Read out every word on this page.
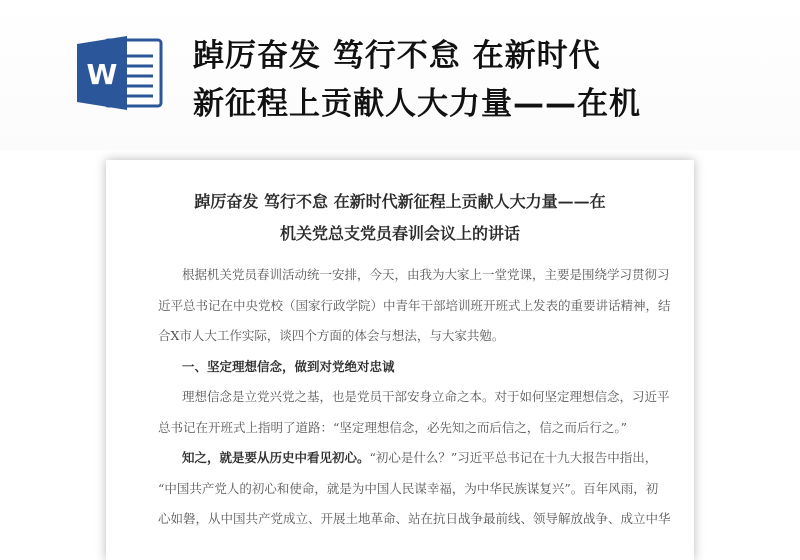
W
踔厉奋发 笃行不怠 在新时代
新征程上贡献人大力量——在机
踔厉奋发 笃行不怠 在新时代新征程上贡献人大力量——在
机关党总支党员春训会议上的讲话
根据机关党员春训活动统一安排，今天，由我为大家上一堂党课，主要是围绕学习贯彻习
近平总书记在中央党校（国家行政学院）中青年干部培训班开班式上发表的重要讲话精神，结
合X市人大工作实际，谈四个方面的体会与想法，与大家共勉。
一、坚定理想信念，做到对党绝对忠诚
理想信念是立党兴党之基，也是党员干部安身立命之本。对于如何坚定理想信念，习近平
总书记在开班式上指明了道路：“坚定理想信念，必先知之而后信之，信之而后行之。”
知之，就是要从历史中看见初心。“初心是什么？”习近平总书记在十九大报告中指出，
“中国共产党人的初心和使命，就是为中国人民谋幸福，为中华民族谋复兴”。百年风雨，初
心如磐，从中国共产党成立、开展土地革命、站在抗日战争最前线、领导解放战争、成立中华
